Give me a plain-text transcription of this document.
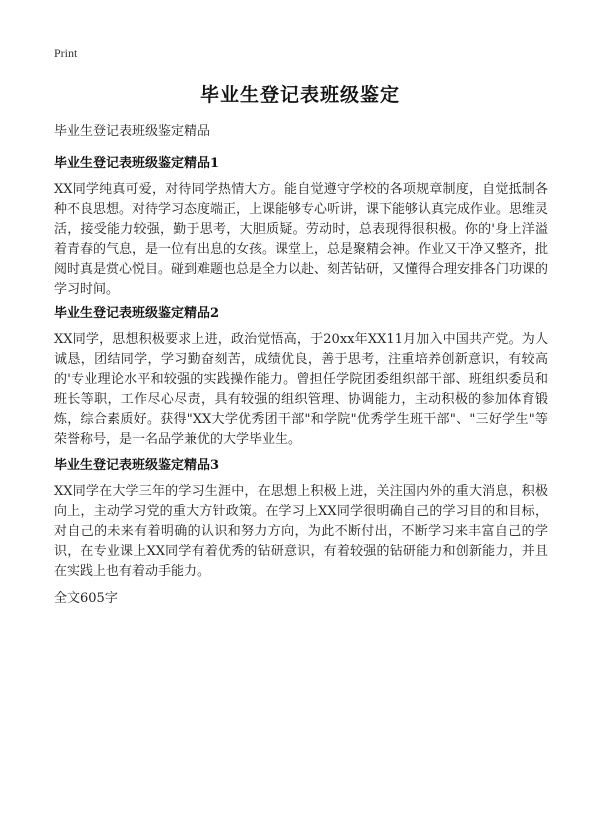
Print
毕业生登记表班级鉴定
毕业生登记表班级鉴定精品
毕业生登记表班级鉴定精品1
XX同学纯真可爱，对待同学热情大方。能自觉遵守学校的各项规章制度，自觉抵制各种不良思想。对待学习态度端正，上课能够专心听讲，课下能够认真完成作业。思维灵活，接受能力较强，勤于思考，大胆质疑。劳动时，总表现得很积极。你的'身上洋溢着青春的气息，是一位有出息的女孩。课堂上，总是聚精会神。作业又干净又整齐，批阅时真是赏心悦目。碰到难题也总是全力以赴、刻苦钻研，又懂得合理安排各门功课的学习时间。
毕业生登记表班级鉴定精品2
XX同学，思想积极要求上进，政治觉悟高，于20xx年XX11月加入中国共产党。为人诚恳，团结同学，学习勤奋刻苦，成绩优良，善于思考，注重培养创新意识，有较高的'专业理论水平和较强的实践操作能力。曾担任学院团委组织部干部、班组织委员和班长等职，工作尽心尽责，具有较强的组织管理、协调能力，主动积极的参加体育锻炼，综合素质好。获得"XX大学优秀团干部"和学院"优秀学生班干部"、"三好学生"等荣誉称号，是一名品学兼优的大学毕业生。
毕业生登记表班级鉴定精品3
XX同学在大学三年的学习生涯中，在思想上积极上进，关注国内外的重大消息，积极向上，主动学习党的重大方针政策。在学习上XX同学很明确自己的学习目的和目标，对自己的未来有着明确的认识和努力方向，为此不断付出，不断学习来丰富自己的学识，在专业课上XX同学有着优秀的钻研意识，有着较强的钻研能力和创新能力，并且在实践上也有着动手能力。
全文605字
